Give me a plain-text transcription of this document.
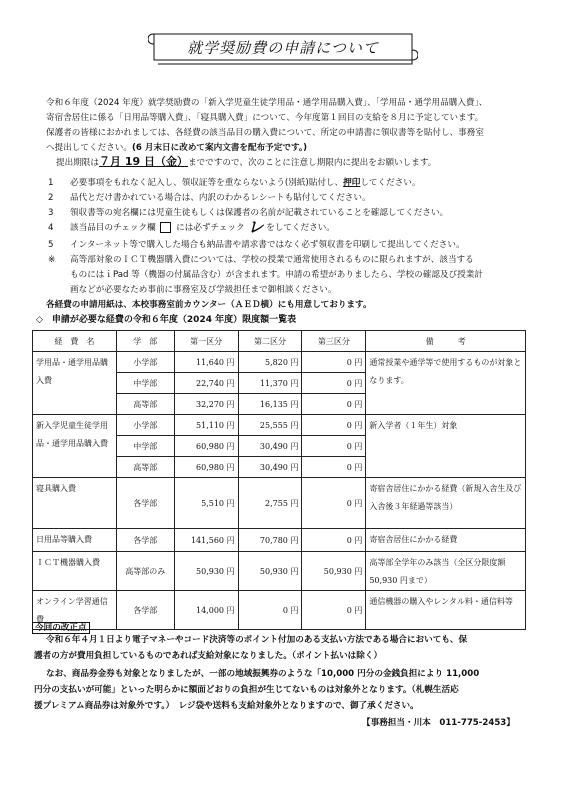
就学奨励費の申請について
令和６年度（2024 年度）就学奨励費の「新入学児童生徒学用品・通学用品購入費」、「学用品・通学用品購入費」、
寄宿舎居住に係る「日用品等購入費」、「寝具購入費」について、今年度第１回目の支給を８月に予定しています。
保護者の皆様におかれましては、各経費の該当品目の購入費について、所定の申請書に領収書等を貼付し、事務室
へ提出してください。(6 月末日に改めて案内文書を配布予定です。)
提出期限は７月 19 日（金）までですので、次のことに注意し期限内に提出をお願いします。
1 必要事項をもれなく記入し、領収証等を重ならないよう(別紙)貼付し、押印してください。
2 品代とだけ書かれている場合は、内訳のわかるレシートも貼付してください。
3 領収書等の宛名欄には児童生徒もしくは保護者の名前が記載されていることを確認してください。
4 該当品目のチェック欄 には必ずチェック レ をしてください。
5 インターネット等で購入した場合も納品書や請求書ではなく必ず領収書を印刷して提出してください。
※ 高等部対象のＩＣＴ機器購入費については、学校の授業で通常使用されるものに限られますが、該当する
ものにはｉPad 等（機器の付属品含む）が含まれます。申請の希望がありましたら、学校の確認及び授業計
画などが必要なため事前に事務室及び学級担任まで御相談ください。
各経費の申請用紙は、本校事務室前カウンター（ＡＥＤ横）にも用意しております。
◇　申請が必要な経費の令和６年度（2024 年度）限度額一覧表
経　費　名	学　部	第一区分	第二区分	第三区分	備　　　考
学用品・通学用品購入費	小学部	11,640 円	5,820 円	0 円	通常授業や通学等で使用するものが対象となります。
	中学部	22,740 円	11,370 円	0 円	
	高等部	32,270 円	16,135 円	0 円	
新入学児童生徒学用品・通学用品購入費	小学部	51,110 円	25,555 円	0 円	新入学者（１年生）対象
	中学部	60,980 円	30,490 円	0 円	
	高等部	60,980 円	30,490 円	0 円	
寝具購入費	各学部	5,510 円	2,755 円	0 円	寄宿舎居住にかかる経費（新規入舎生及び入舎後３年経過等該当）
日用品等購入費	各学部	141,560 円	70,780 円	0 円	寄宿舎居住にかかる経費
ＩＣＴ機器購入費	高等部のみ	50,930 円	50,930 円	50,930 円	高等部全学年のみ該当（全区分限度額 50,930 円まで）
オンライン学習通信費	各学部	14,000 円	0 円	0 円	通信機器の購入やレンタル料・通信料等
今回の改正点
令和６年４月１日より電子マネーやコード決済等のポイント付加のある支払い方法である場合においても、保
護者の方が費用負担しているものであれば支給対象になりました。（ポイント払いは除く）
なお、商品券金券も対象となりましたが、一部の地域振興券のような「10,000 円分の金銭負担により 11,000
円分の支払いが可能」といった明らかに額面どおりの負担が生じてないものは対象外となります。（札幌生活応
援プレミアム商品券は対象外です。）　レジ袋や送料も支給対象外となりますので、御了承ください。
【事務担当・川本　011-775-2453】
